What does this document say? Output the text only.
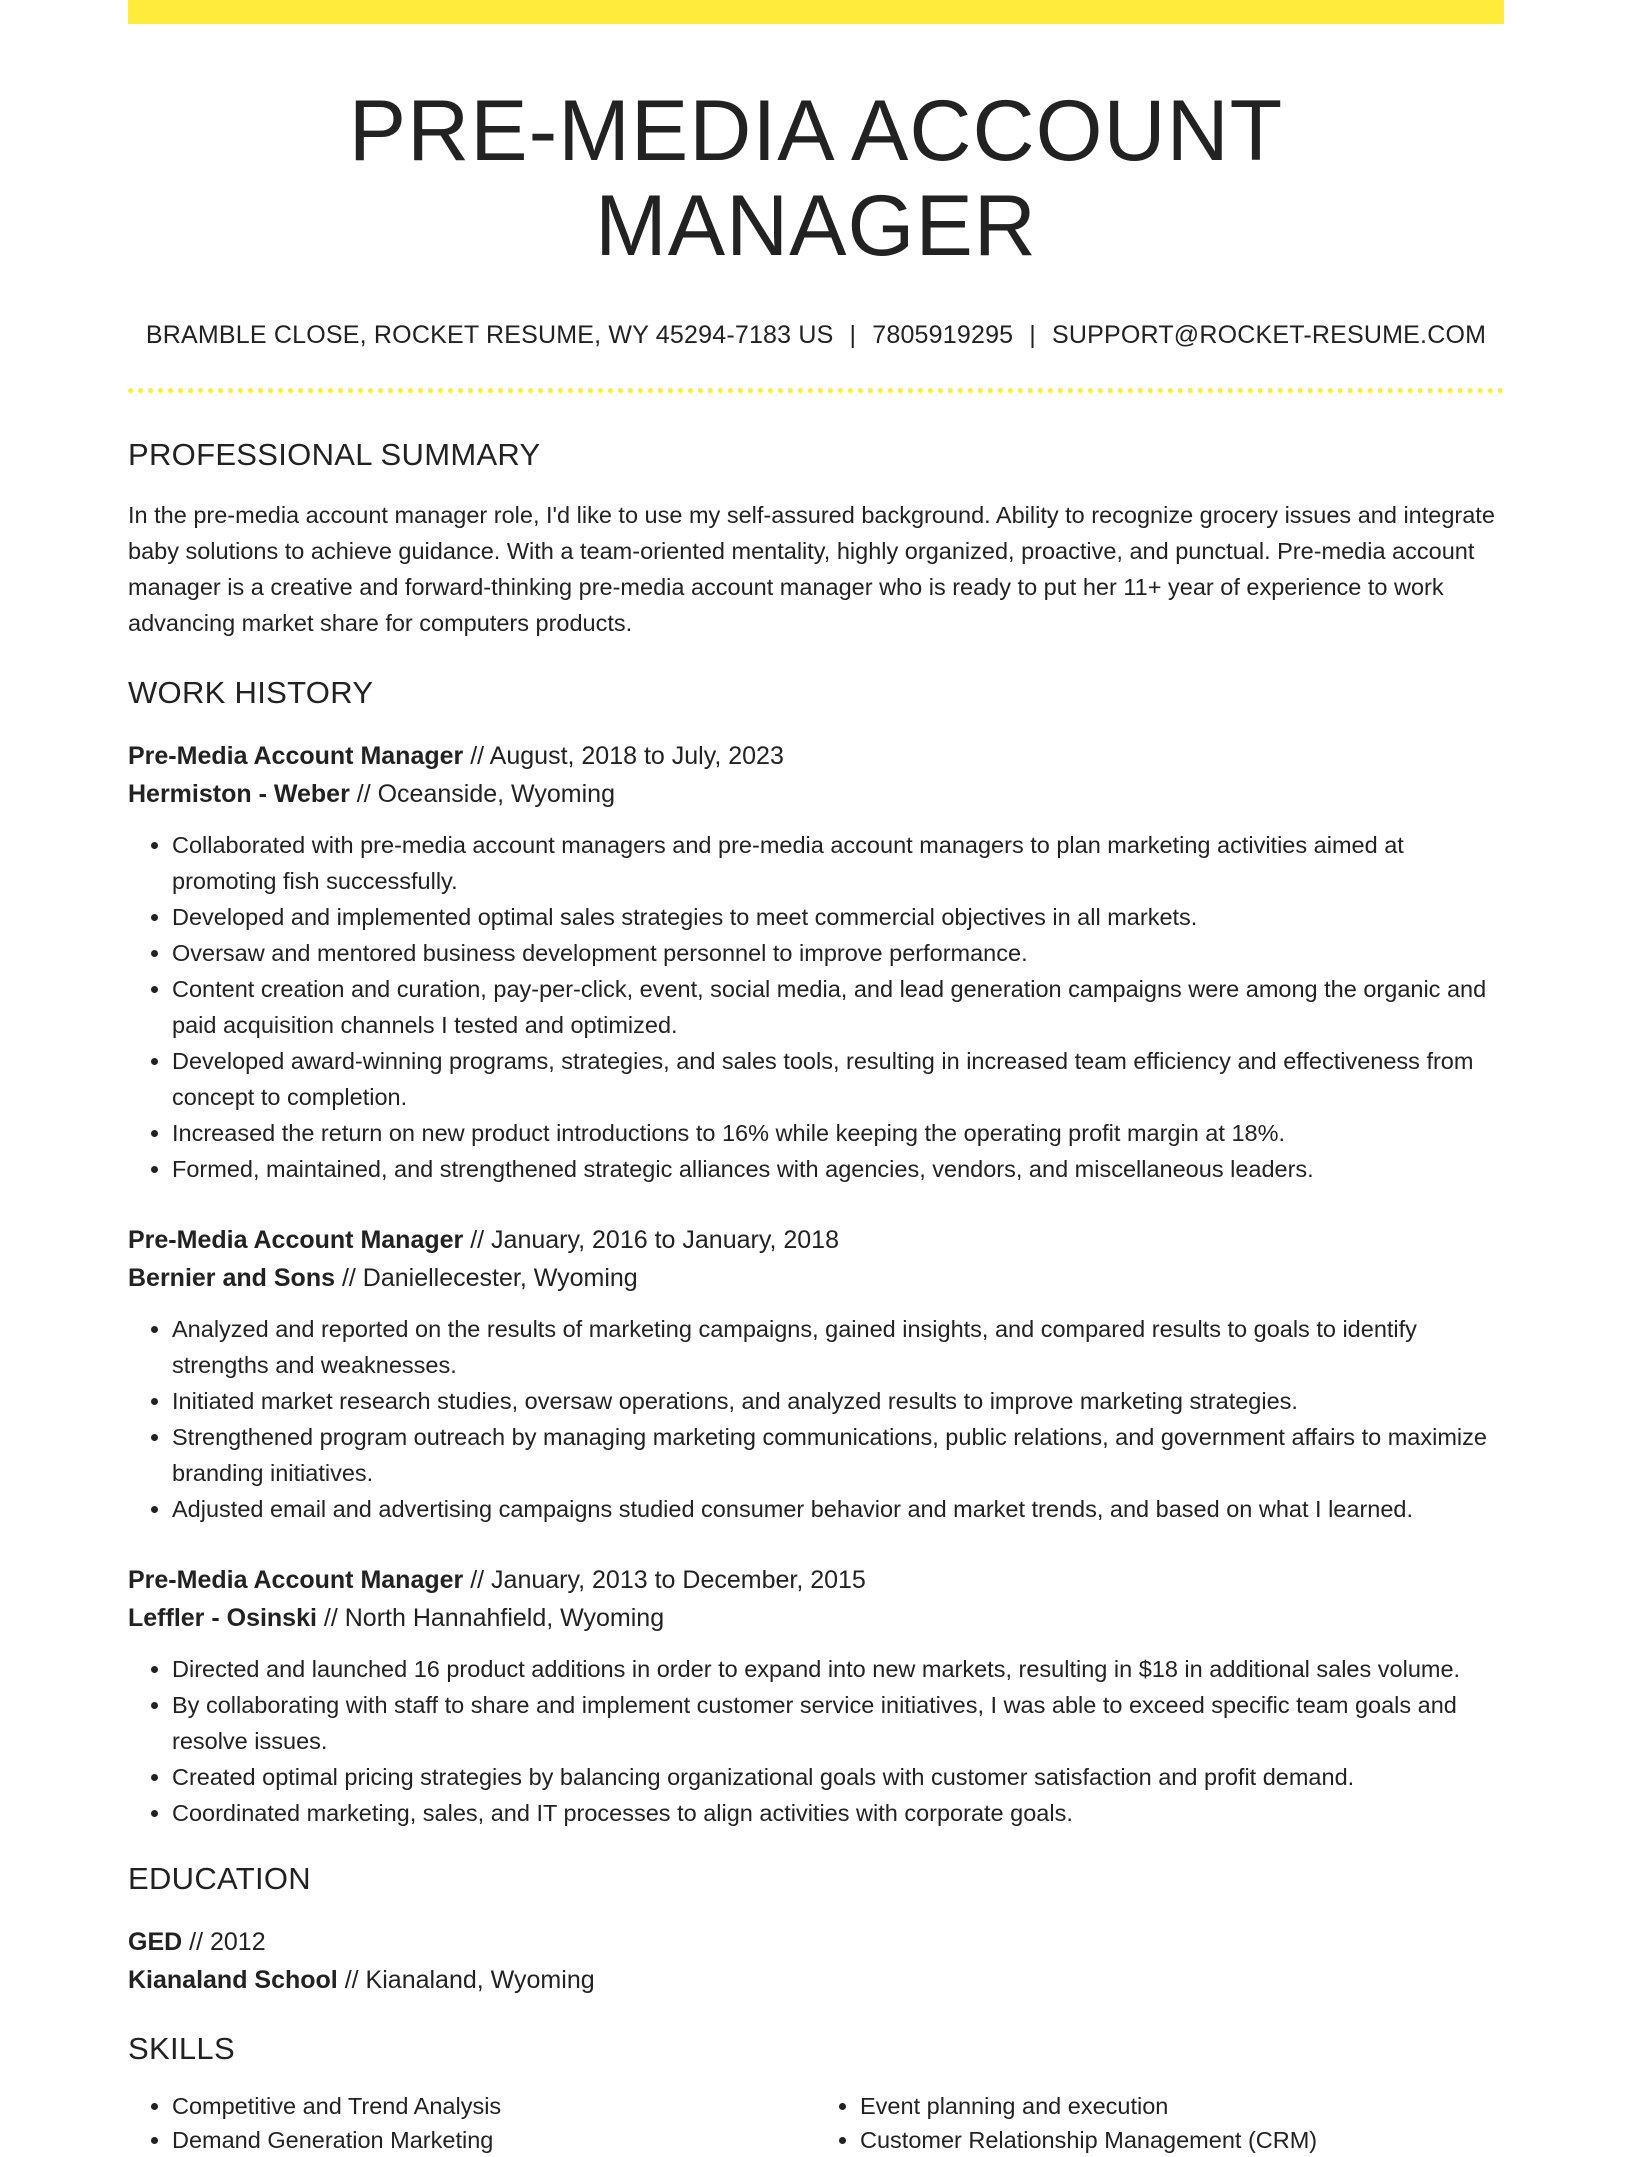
PRE-MEDIA ACCOUNT MANAGER
BRAMBLE CLOSE, ROCKET RESUME, WY 45294-7183 US | 7805919295 | SUPPORT@ROCKET-RESUME.COM
PROFESSIONAL SUMMARY

In the pre-media account manager role, I'd like to use my self-assured background. Ability to recognize grocery issues and integrate baby solutions to achieve guidance. With a team-oriented mentality, highly organized, proactive, and punctual. Pre-media account manager is a creative and forward-thinking pre-media account manager who is ready to put her 11+ year of experience to work advancing market share for computers products.

WORK HISTORY
Pre-Media Account Manager // August, 2018 to July, 2023
Hermiston - Weber // Oceanside, Wyoming
• Collaborated with pre-media account managers and pre-media account managers to plan marketing activities aimed at promoting fish successfully.
• Developed and implemented optimal sales strategies to meet commercial objectives in all markets.
• Oversaw and mentored business development personnel to improve performance.
• Content creation and curation, pay-per-click, event, social media, and lead generation campaigns were among the organic and paid acquisition channels I tested and optimized.
• Developed award-winning programs, strategies, and sales tools, resulting in increased team efficiency and effectiveness from concept to completion.
• Increased the return on new product introductions to 16% while keeping the operating profit margin at 18%.
• Formed, maintained, and strengthened strategic alliances with agencies, vendors, and miscellaneous leaders.
Pre-Media Account Manager // January, 2016 to January, 2018
Bernier and Sons // Daniellecester, Wyoming
• Analyzed and reported on the results of marketing campaigns, gained insights, and compared results to goals to identify strengths and weaknesses.
• Initiated market research studies, oversaw operations, and analyzed results to improve marketing strategies.
• Strengthened program outreach by managing marketing communications, public relations, and government affairs to maximize branding initiatives.
• Adjusted email and advertising campaigns studied consumer behavior and market trends, and based on what I learned.
Pre-Media Account Manager // January, 2013 to December, 2015
Leffler - Osinski // North Hannahfield, Wyoming
• Directed and launched 16 product additions in order to expand into new markets, resulting in $18 in additional sales volume.
• By collaborating with staff to share and implement customer service initiatives, I was able to exceed specific team goals and resolve issues.
• Created optimal pricing strategies by balancing organizational goals with customer satisfaction and profit demand.
• Coordinated marketing, sales, and IT processes to align activities with corporate goals.
EDUCATION
GED // 2012
Kianaland School // Kianaland, Wyoming
SKILLS
• Competitive and Trend Analysis
• Demand Generation Marketing
• Event planning and execution
• Customer Relationship Management (CRM)
